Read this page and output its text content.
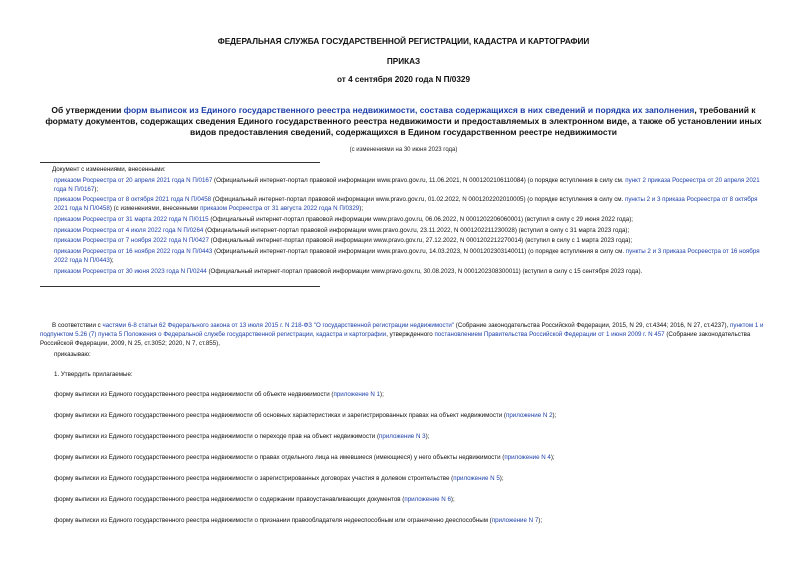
ФЕДЕРАЛЬНАЯ СЛУЖБА ГОСУДАРСТВЕННОЙ РЕГИСТРАЦИИ, КАДАСТРА И КАРТОГРАФИИ
ПРИКАЗ
от 4 сентября 2020 года N П/0329
Об утверждении форм выписок из Единого государственного реестра недвижимости, состава содержащихся в них сведений и порядка их заполнения, требований к формату документов, содержащих сведения Единого государственного реестра недвижимости и предоставляемых в электронном виде, а также об установлении иных видов предоставления сведений, содержащихся в Едином государственном реестре недвижимости
(с изменениями на 30 июня 2023 года)
Документ с изменениями, внесенными:
приказом Росреестра от 20 апреля 2021 года N П/0167 (Официальный интернет-портал правовой информации www.pravo.gov.ru, 11.06.2021, N 0001202106110084) (о порядке вступления в силу см. пункт 2 приказа Росреестра от 20 апреля 2021 года N П/0167);
приказом Росреестра от 8 октября 2021 года N П/0458 (Официальный интернет-портал правовой информации www.pravo.gov.ru, 01.02.2022, N 0001202202010005) (о порядке вступления в силу см. пункты 2 и 3 приказа Росреестра от 8 октября 2021 года N П/0458) (с изменениями, внесенными приказом Росреестра от 31 августа 2022 года N П/0329);
приказом Росреестра от 31 марта 2022 года N П/0115 (Официальный интернет-портал правовой информации www.pravo.gov.ru, 06.06.2022, N 0001202206060001) (вступил в силу с 29 июня 2022 года);
приказом Росреестра от 4 июля 2022 года N П/0264 (Официальный интернет-портал правовой информации www.pravo.gov.ru, 23.11.2022, N 0001202211230028) (вступил в силу с 31 марта 2023 года);
приказом Росреестра от 7 ноября 2022 года N П/0427 (Официальный интернет-портал правовой информации www.pravo.gov.ru, 27.12.2022, N 0001202212270014) (вступил в силу с 1 марта 2023 года);
приказом Росреестра от 16 ноября 2022 года N П/0443 (Официальный интернет-портал правовой информации www.pravo.gov.ru, 14.03.2023, N 0001202303140011) (о порядке вступления в силу см. пункты 2 и 3 приказа Росреестра от 16 ноября 2022 года N П/0443);
приказом Росреестра от 30 июня 2023 года N П/0244 (Официальный интернет-портал правовой информации www.pravo.gov.ru, 30.08.2023, N 0001202308300011) (вступил в силу с 15 сентября 2023 года).
В соответствии с частями 6-8 статьи 62 Федерального закона от 13 июля 2015 г. N 218-ФЗ "О государственной регистрации недвижимости" (Собрание законодательства Российской Федерации, 2015, N 29, ст.4344; 2016, N 27, ст.4237), пунктом 1 и подпунктом 5.26 (7) пункта 5 Положения о Федеральной службе государственной регистрации, кадастра и картографии, утвержденного постановлением Правительства Российской Федерации от 1 июня 2009 г. N 457 (Собрание законодательства Российской Федерации, 2009, N 25, ст.3052; 2020, N 7, ст.855),
приказываю:
1. Утвердить прилагаемые:
форму выписки из Единого государственного реестра недвижимости об объекте недвижимости (приложение N 1);
форму выписки из Единого государственного реестра недвижимости об основных характеристиках и зарегистрированных правах на объект недвижимости (приложение N 2);
форму выписки из Единого государственного реестра недвижимости о переходе прав на объект недвижимости (приложение N 3);
форму выписки из Единого государственного реестра недвижимости о правах отдельного лица на имевшиеся (имеющиеся) у него объекты недвижимости (приложение N 4);
форму выписки из Единого государственного реестра недвижимости о зарегистрированных договорах участия в долевом строительстве (приложение N 5);
форму выписки из Единого государственного реестра недвижимости о содержании правоустанавливающих документов (приложение N 6);
форму выписки из Единого государственного реестра недвижимости о признании правообладателя недееспособным или ограниченно дееспособным (приложение N 7);
